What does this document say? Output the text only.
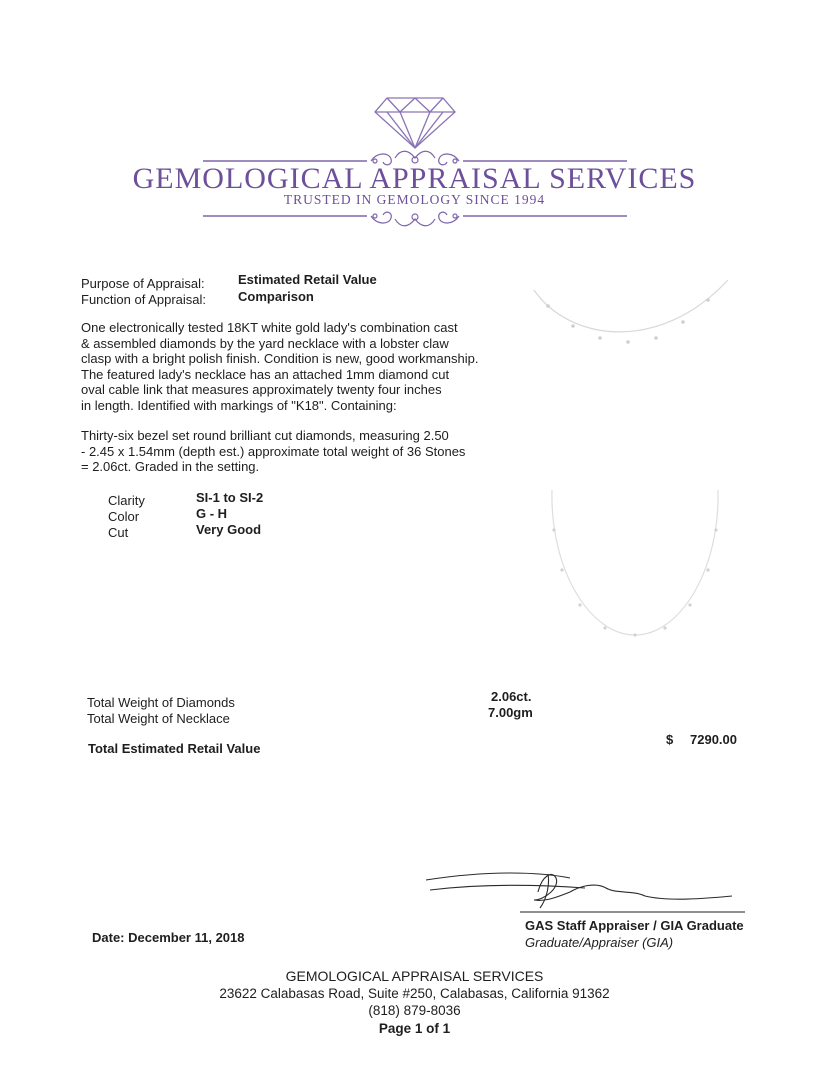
GEMOLOGICAL APPRAISAL SERVICES
TRUSTED IN GEMOLOGY SINCE 1994
Purpose of Appraisal:	Estimated Retail Value
Function of Appraisal: Comparison

One electronically tested 18KT white gold lady's combination cast

& assembled diamonds by the yard necklace with a lobster claw

clasp with a bright polish finish. Condition is new, good workmanship.

The featured lady's necklace has an attached 1mm diamond cut

oval cable link that measures approximately twenty four inches

in length. Identified with markings of "K18". Containing:

Thirty-six bezel set round brilliant cut diamonds, measuring 2.50

- 2.45 x 1.54mm (depth est.) approximate total weight of 36 Stones

= 2.06ct. Graded in the setting.

Clarity	SI-1 to SI-2
Color	G - H
Cut	Very Good
Total Weight of Diamonds	2.06ct.
Total Weight of Necklace	7.00gm
Total Estimated Retail Value
$ 7290.00
GAS Staff Appraiser / GIA Graduate
Graduate/Appraiser (GIA)
Date: December 11, 2018
GEMOLOGICAL APPRAISAL SERVICES
23622 Calabasas Road, Suite #250, Calabasas, California 91362
(818) 879-8036
Page 1 of 1
